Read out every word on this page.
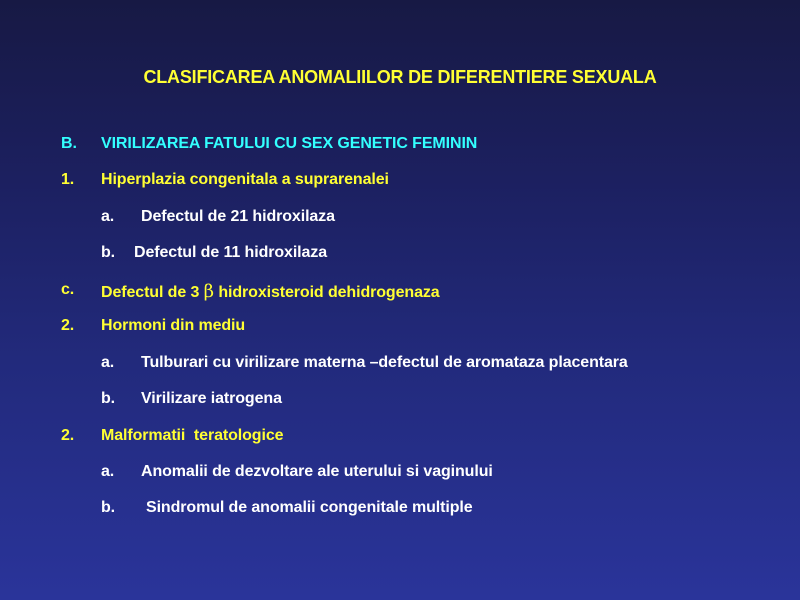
CLASIFICAREA ANOMALIILOR DE DIFERENTIERE SEXUALA
B. VIRILIZAREA FATULUI CU SEX GENETIC FEMININ
1. Hiperplazia congenitala a suprarenalei
a. Defectul de 21 hidroxilaza
b. Defectul de 11 hidroxilaza
c. Defectul de 3 β hidroxisteroid dehidrogenaza
2. Hormoni din mediu
a. Tulburari cu virilizare materna –defectul de aromataza placentara
b. Virilizare iatrogena
2. Malformatii  teratologice
a. Anomalii de dezvoltare ale uterului si vaginului
b. Sindromul de anomalii congenitale multiple
